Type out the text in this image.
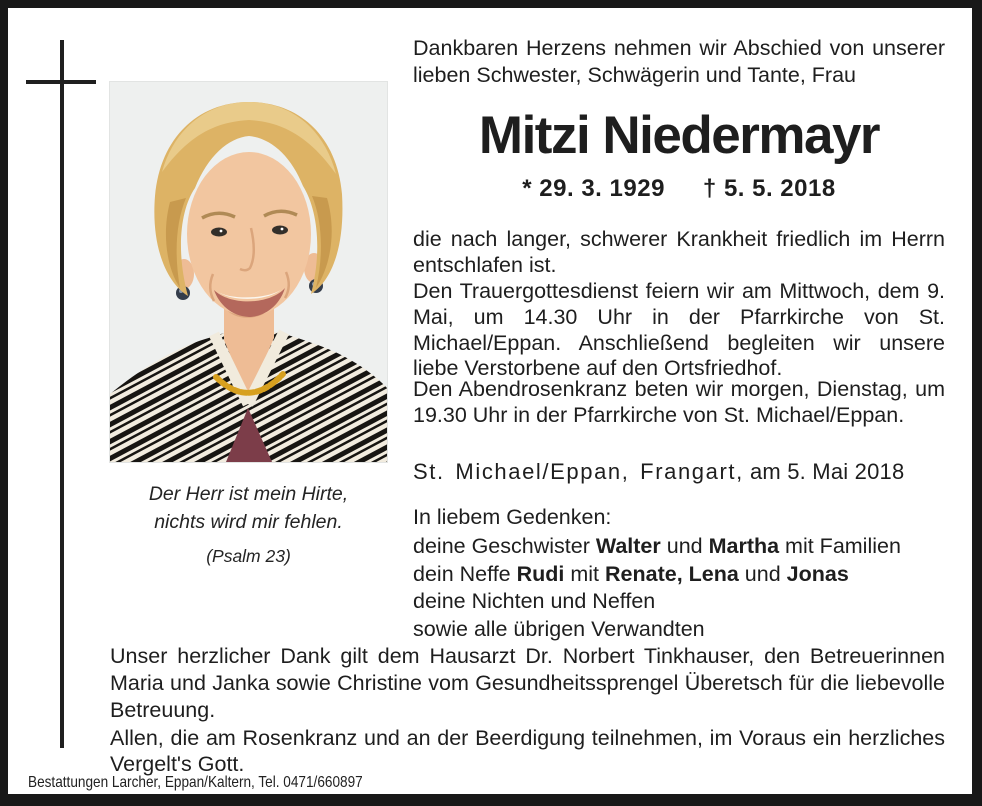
Der Herr ist mein Hirte,
nichts wird mir fehlen.
(Psalm 23)
Dankbaren Herzens nehmen wir Abschied von unserer lieben Schwester, Schwägerin und Tante, Frau
Mitzi Niedermayr
* 29. 3. 1929 † 5. 5. 2018
die nach langer, schwerer Krankheit friedlich im Herrn entschlafen ist.
Den Trauergottesdienst feiern wir am Mittwoch, dem 9. Mai, um 14.30 Uhr in der Pfarrkirche von St. Michael/Eppan. Anschließend begleiten wir unsere liebe Verstorbene auf den Ortsfriedhof.
Den Abendrosenkranz beten wir morgen, Dienstag, um 19.30 Uhr in der Pfarrkirche von St. Michael/Eppan.
St. Michael/Eppan, Frangart, am 5. Mai 2018
In liebem Gedenken:
deine Geschwister Walter und Martha mit Familien
dein Neffe Rudi mit Renate, Lena und Jonas
deine Nichten und Neffen
sowie alle übrigen Verwandten
Unser herzlicher Dank gilt dem Hausarzt Dr. Norbert Tinkhauser, den Betreuerinnen Maria und Janka sowie Christine vom Gesundheitssprengel Überetsch für die liebevolle Betreuung.
Allen, die am Rosenkranz und an der Beerdigung teilnehmen, im Voraus ein herzliches Vergelt's Gott.
Bestattungen Larcher, Eppan/Kaltern, Tel. 0471/660897
